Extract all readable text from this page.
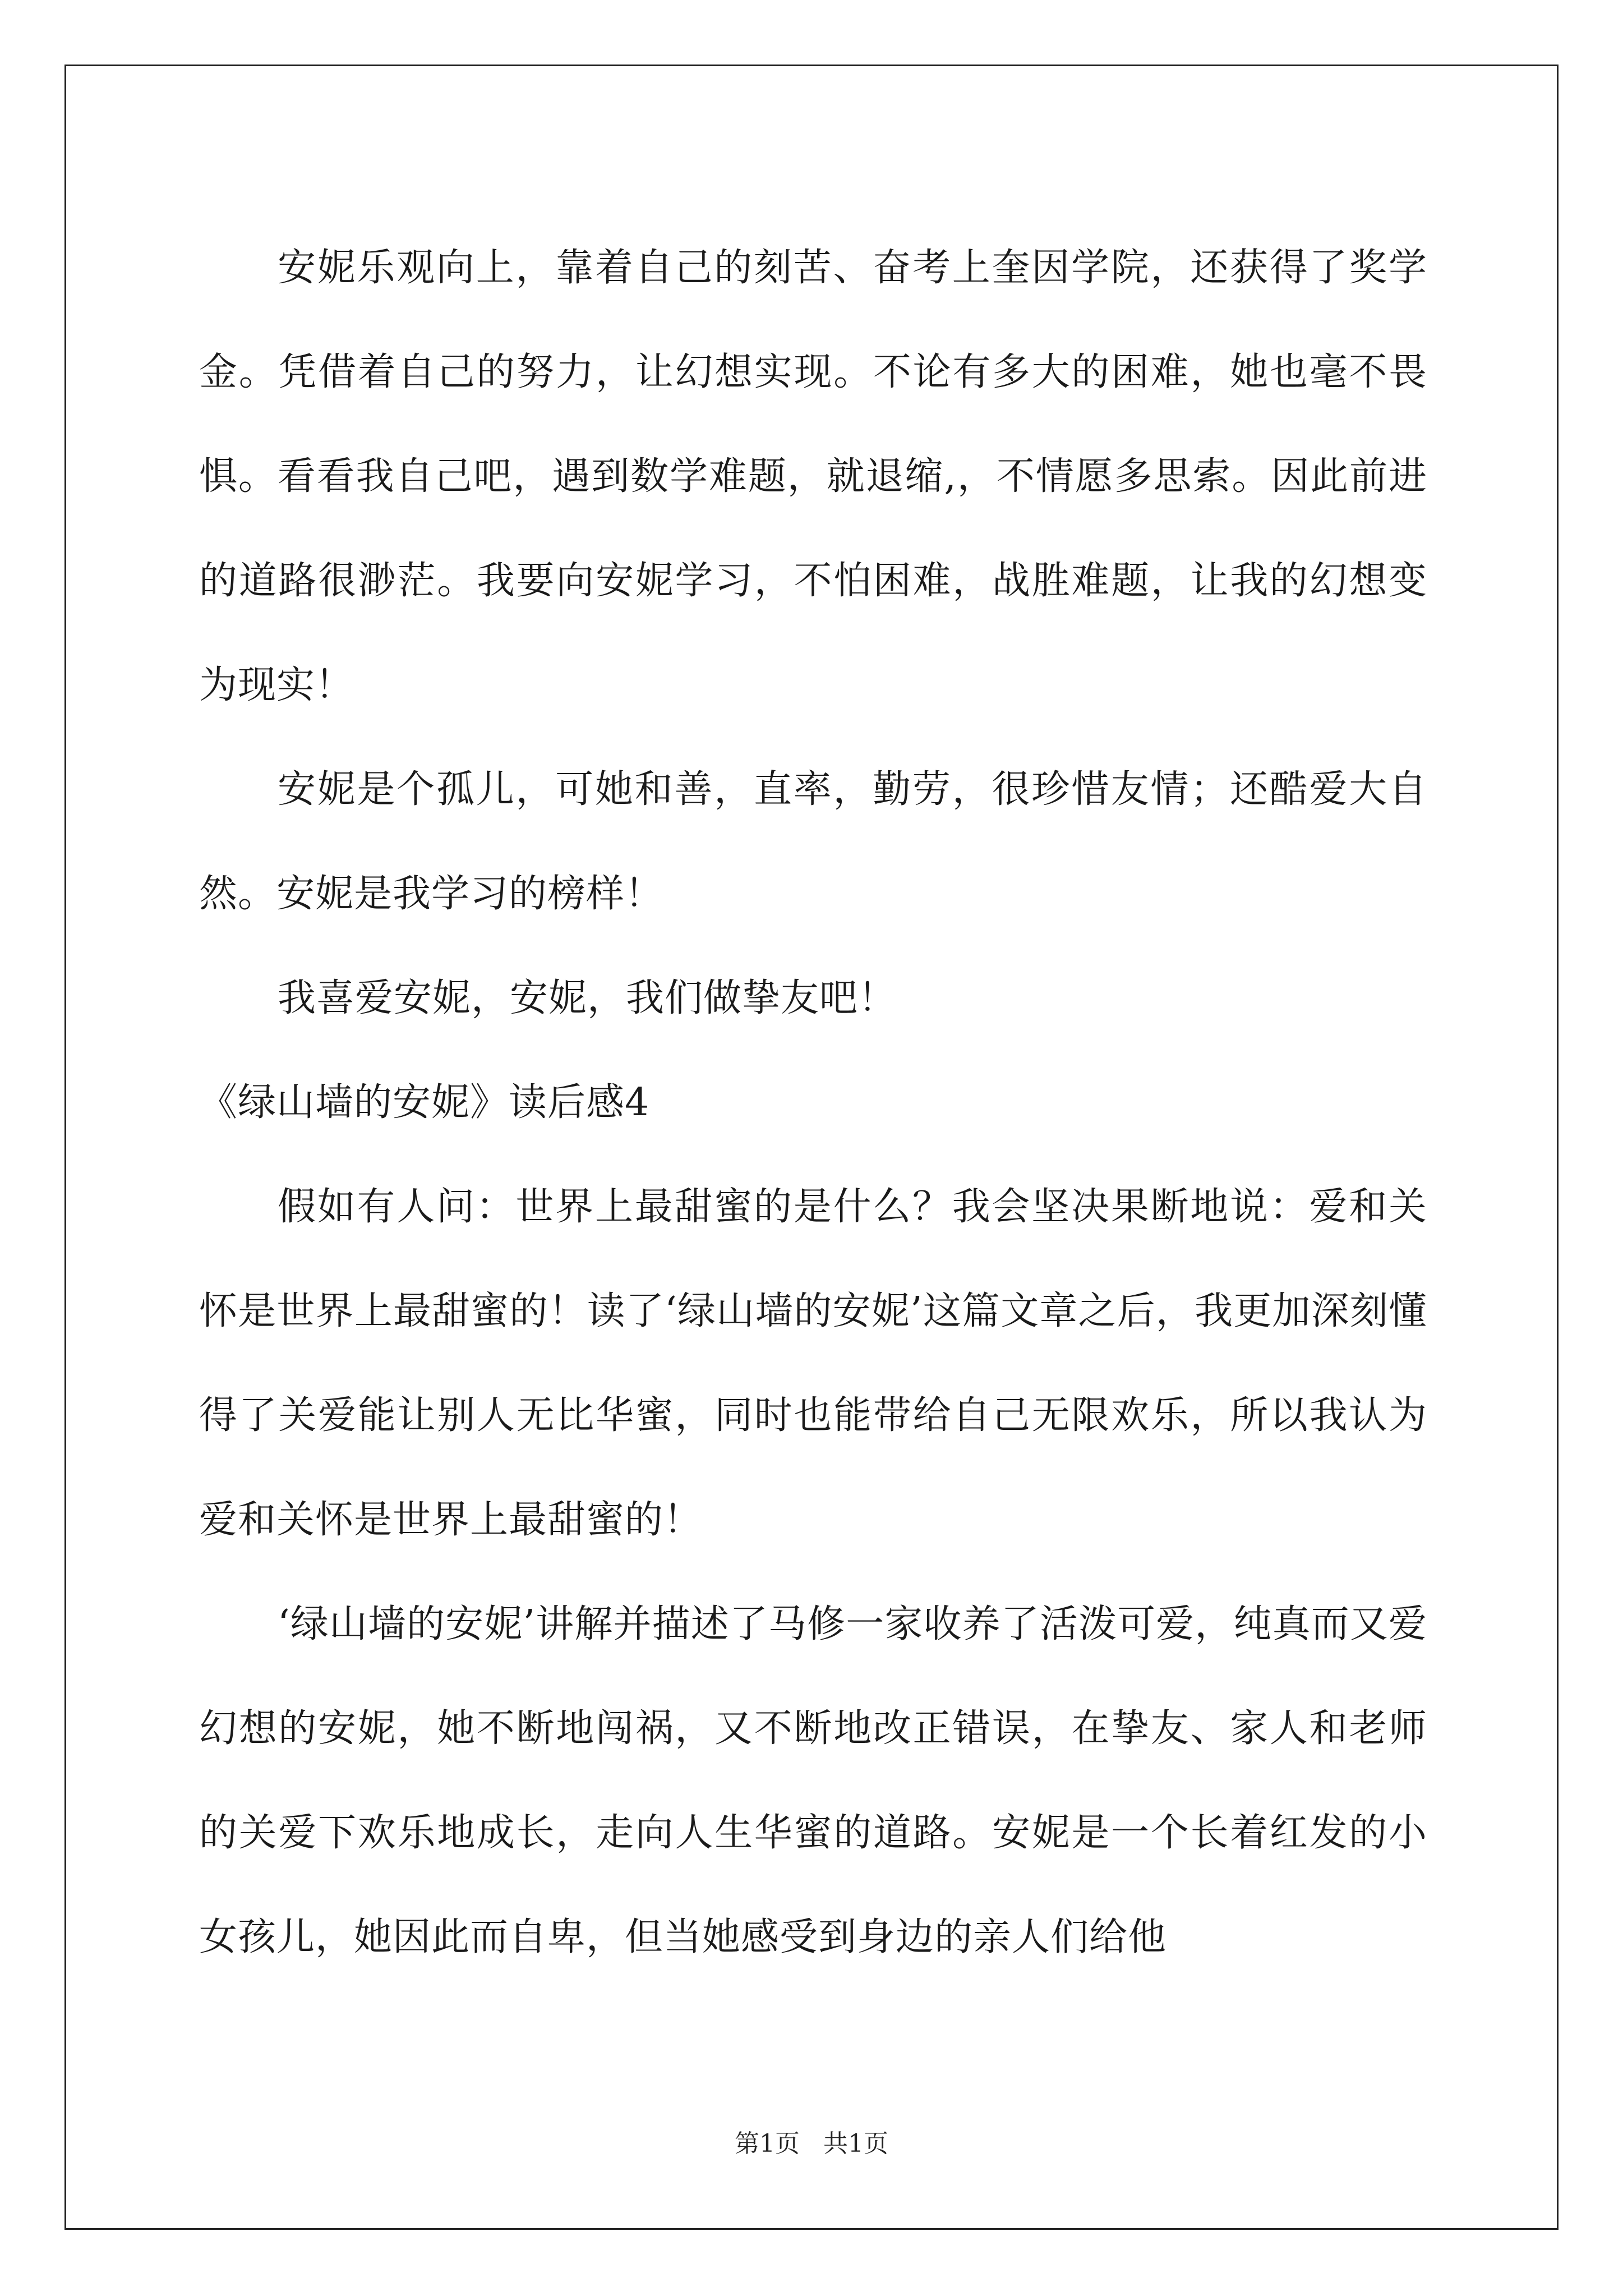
安妮乐观向上，靠着自己的刻苦、奋考上奎因学院，还获得了奖学金。凭借着自己的努力，让幻想实现。不论有多大的困难，她也毫不畏惧。看看我自己吧，遇到数学难题，就退缩,，不情愿多思索。因此前进的道路很渺茫。我要向安妮学习，不怕困难，战胜难题，让我的幻想变为现实！

安妮是个孤儿，可她和善，直率，勤劳，很珍惜友情；还酷爱大自然。安妮是我学习的榜样！

我喜爱安妮，安妮，我们做挚友吧！

《绿山墙的安妮》读后感4

假如有人问：世界上最甜蜜的是什么？我会坚决果断地说：爱和关怀是世界上最甜蜜的！读了‘绿山墙的安妮’这篇文章之后，我更加深刻懂得了关爱能让别人无比华蜜，同时也能带给自己无限欢乐，所以我认为爱和关怀是世界上最甜蜜的！

‘绿山墙的安妮’讲解并描述了马修一家收养了活泼可爱，纯真而又爱幻想的安妮，她不断地闯祸，又不断地改正错误，在挚友、家人和老师的关爱下欢乐地成长，走向人生华蜜的道路。安妮是一个长着红发的小女孩儿，她因此而自卑，但当她感受到身边的亲人们给他

第1页 共1页
